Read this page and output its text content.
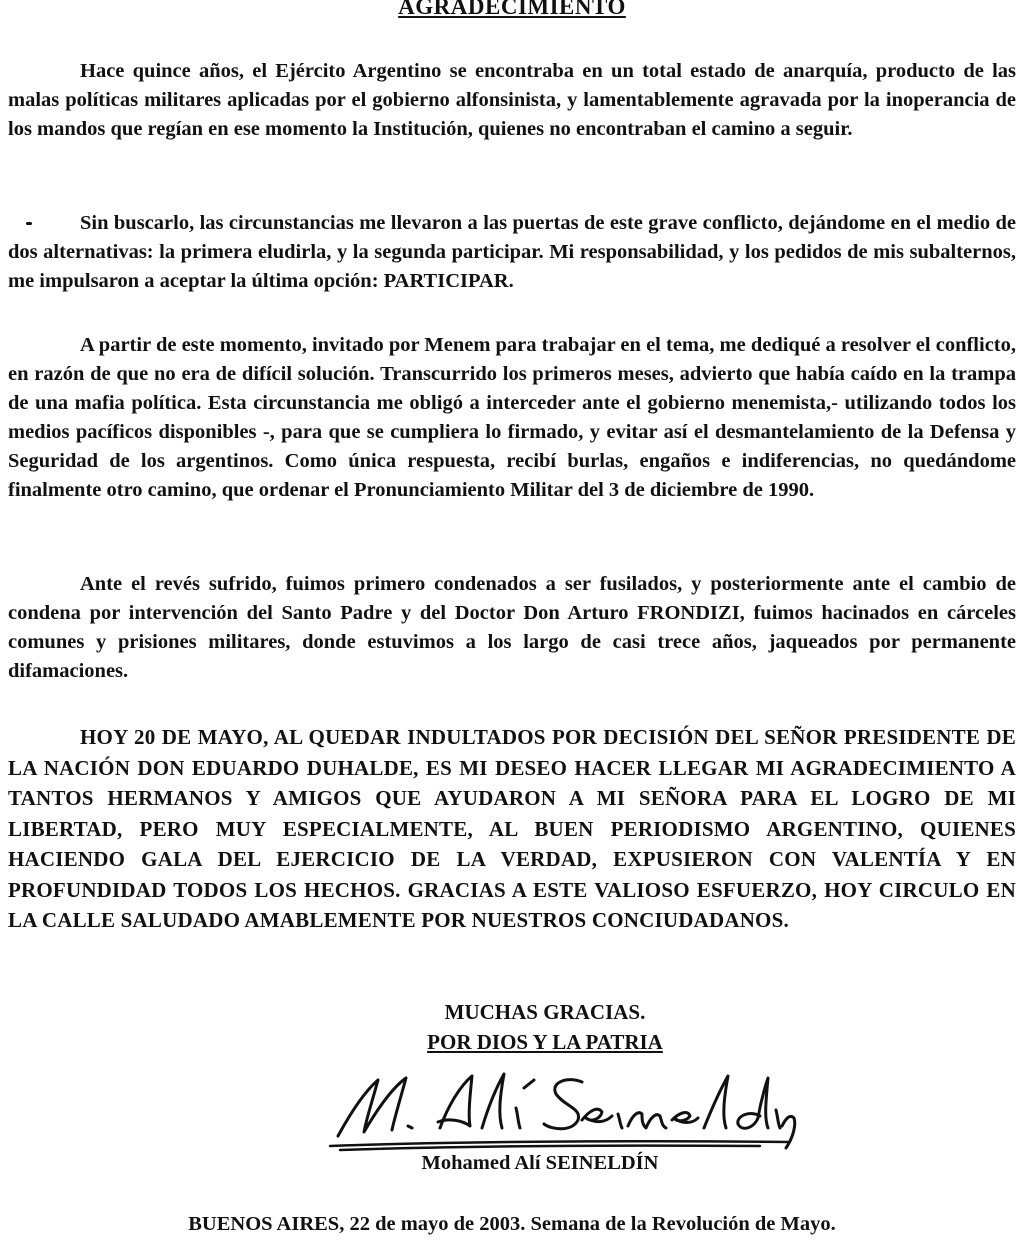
AGRADECIMIENTO

Hace quince años, el Ejército Argentino se encontraba en un total estado de anarquía, producto de las malas políticas militares aplicadas por el gobierno alfonsinista, y lamentablemente agravada por la inoperancia de los mandos que regían en ese momento la Institución, quienes no encontraban el camino a seguir.

Sin buscarlo, las circunstancias me llevaron a las puertas de este grave conflicto, dejándome en el medio de dos alternativas: la primera eludirla, y la segunda participar. Mi responsabilidad, y los pedidos de mis subalternos, me impulsaron a aceptar la última opción: PARTICIPAR.

A partir de este momento, invitado por Menem para trabajar en el tema, me dediqué a resolver el conflicto, en razón de que no era de difícil solución. Transcurrido los primeros meses, advierto que había caído en la trampa de una mafia política. Esta circunstancia me obligó a interceder ante el gobierno menemista,- utilizando todos los medios pacíficos disponibles -, para que se cumpliera lo firmado, y evitar así el desmantelamiento de la Defensa y Seguridad de los argentinos. Como única respuesta, recibí burlas, engaños e indiferencias, no quedándome finalmente otro camino, que ordenar el Pronunciamiento Militar del 3 de diciembre de 1990.

Ante el revés sufrido, fuimos primero condenados a ser fusilados, y posteriormente ante el cambio de condena por intervención del Santo Padre y del Doctor Don Arturo FRONDIZI, fuimos hacinados en cárceles comunes y prisiones militares, donde estuvimos a los largo de casi trece años, jaqueados por permanente difamaciones.

HOY 20 DE MAYO, AL QUEDAR INDULTADOS POR DECISIÓN DEL SEÑOR PRESIDENTE DE LA NACIÓN DON EDUARDO DUHALDE, ES MI DESEO HACER LLEGAR MI AGRADECIMIENTO A TANTOS HERMANOS Y AMIGOS QUE AYUDARON A MI SEÑORA PARA EL LOGRO DE MI LIBERTAD, PERO MUY ESPECIALMENTE, AL BUEN PERIODISMO ARGENTINO, QUIENES HACIENDO GALA DEL EJERCICIO DE LA VERDAD, EXPUSIERON CON VALENTÍA Y EN PROFUNDIDAD TODOS LOS HECHOS. GRACIAS A ESTE VALIOSO ESFUERZO, HOY CIRCULO EN LA CALLE SALUDADO AMABLEMENTE POR NUESTROS CONCIUDADANOS.

MUCHAS GRACIAS.

POR DIOS Y LA PATRIA

Mohamed Alí SEINELDÍN

BUENOS AIRES, 22 de mayo de 2003. Semana de la Revolución de Mayo.
